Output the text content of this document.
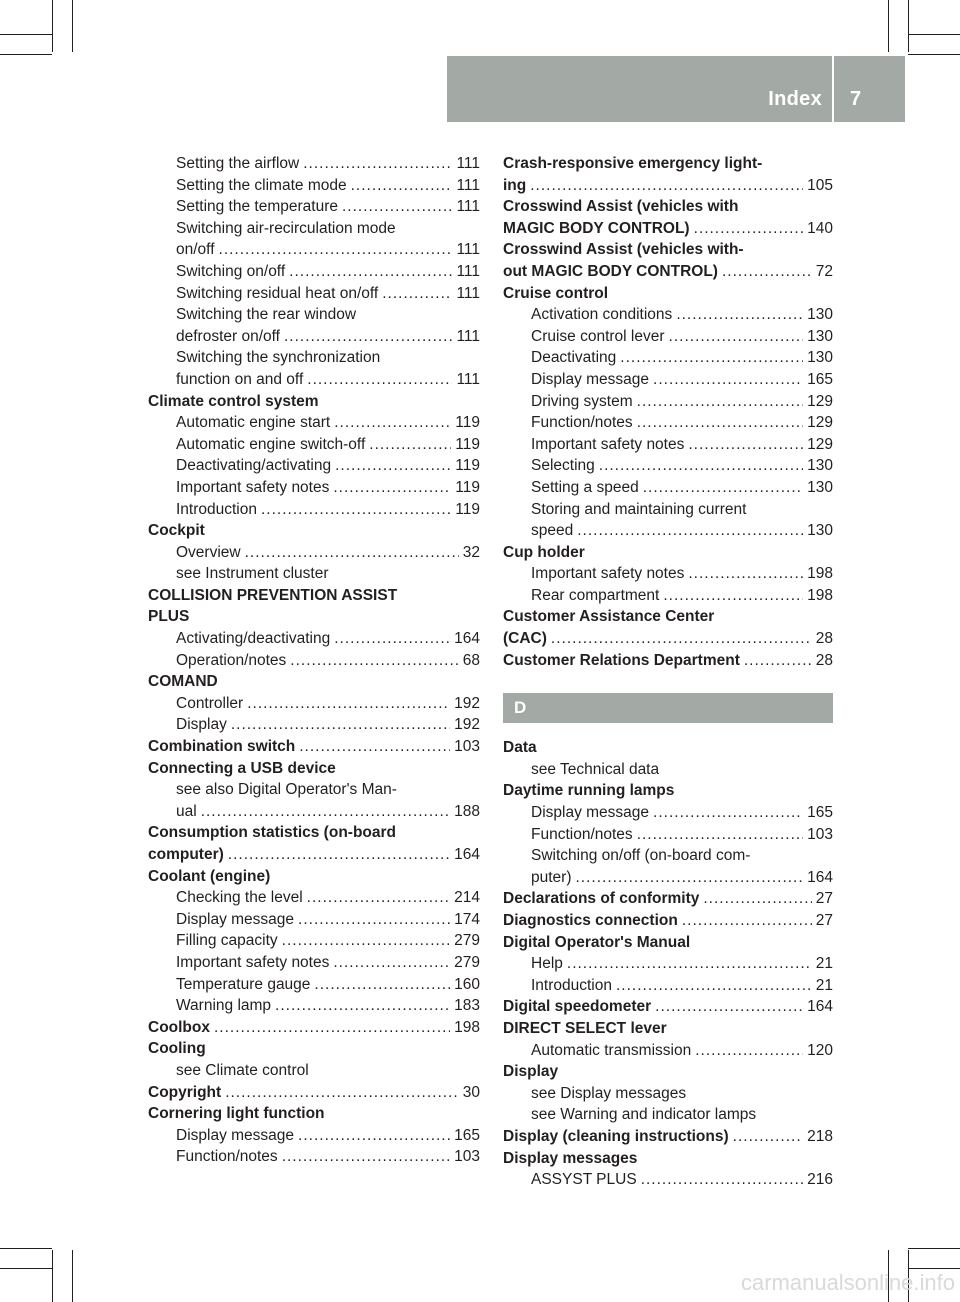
Index 7
Setting the airflow .....	111
Setting the climate mode .....	111
Setting the temperature .....	111
Switching air-recirculation mode
on/off .....	111
Switching on/off .....	111
Switching residual heat on/off .....	111
Switching the rear window
defroster on/off .....	111
Switching the synchronization
function on and off .....	111
Climate control system
Automatic engine start .....	119
Automatic engine switch-off .....	119
Deactivating/activating .....	119
Important safety notes .....	119
Introduction .....	119
Cockpit
Overview .....	32
see Instrument cluster
COLLISION PREVENTION ASSIST
PLUS
Activating/deactivating .....	164
Operation/notes .....	68
COMAND
Controller .....	192
Display .....	192
Combination switch .....	103
Connecting a USB device
see also Digital Operator's Man-
ual .....	188
Consumption statistics (on-board
computer) .....	164
Coolant (engine)
Checking the level .....	214
Display message .....	174
Filling capacity .....	279
Important safety notes .....	279
Temperature gauge .....	160
Warning lamp .....	183
Coolbox .....	198
Cooling
see Climate control
Copyright .....	30
Cornering light function
Display message .....	165
Function/notes .....	103
Crash-responsive emergency light-
ing .....	105
Crosswind Assist (vehicles with
MAGIC BODY CONTROL) .....	140
Crosswind Assist (vehicles with-
out MAGIC BODY CONTROL) .....	72
Cruise control
Activation conditions .....	130
Cruise control lever .....	130
Deactivating .....	130
Display message .....	165
Driving system .....	129
Function/notes .....	129
Important safety notes .....	129
Selecting .....	130
Setting a speed .....	130
Storing and maintaining current
speed .....	130
Cup holder
Important safety notes .....	198
Rear compartment .....	198
Customer Assistance Center
(CAC) .....	28
Customer Relations Department .....	28
D
Data
see Technical data
Daytime running lamps
Display message .....	165
Function/notes .....	103
Switching on/off (on-board com-
puter) .....	164
Declarations of conformity .....	27
Diagnostics connection .....	27
Digital Operator's Manual
Help .....	21
Introduction .....	21
Digital speedometer .....	164
DIRECT SELECT lever
Automatic transmission .....	120
Display
see Display messages
see Warning and indicator lamps
Display (cleaning instructions) .....	218
Display messages
ASSYST PLUS .....	216
carmanualsonline.info
